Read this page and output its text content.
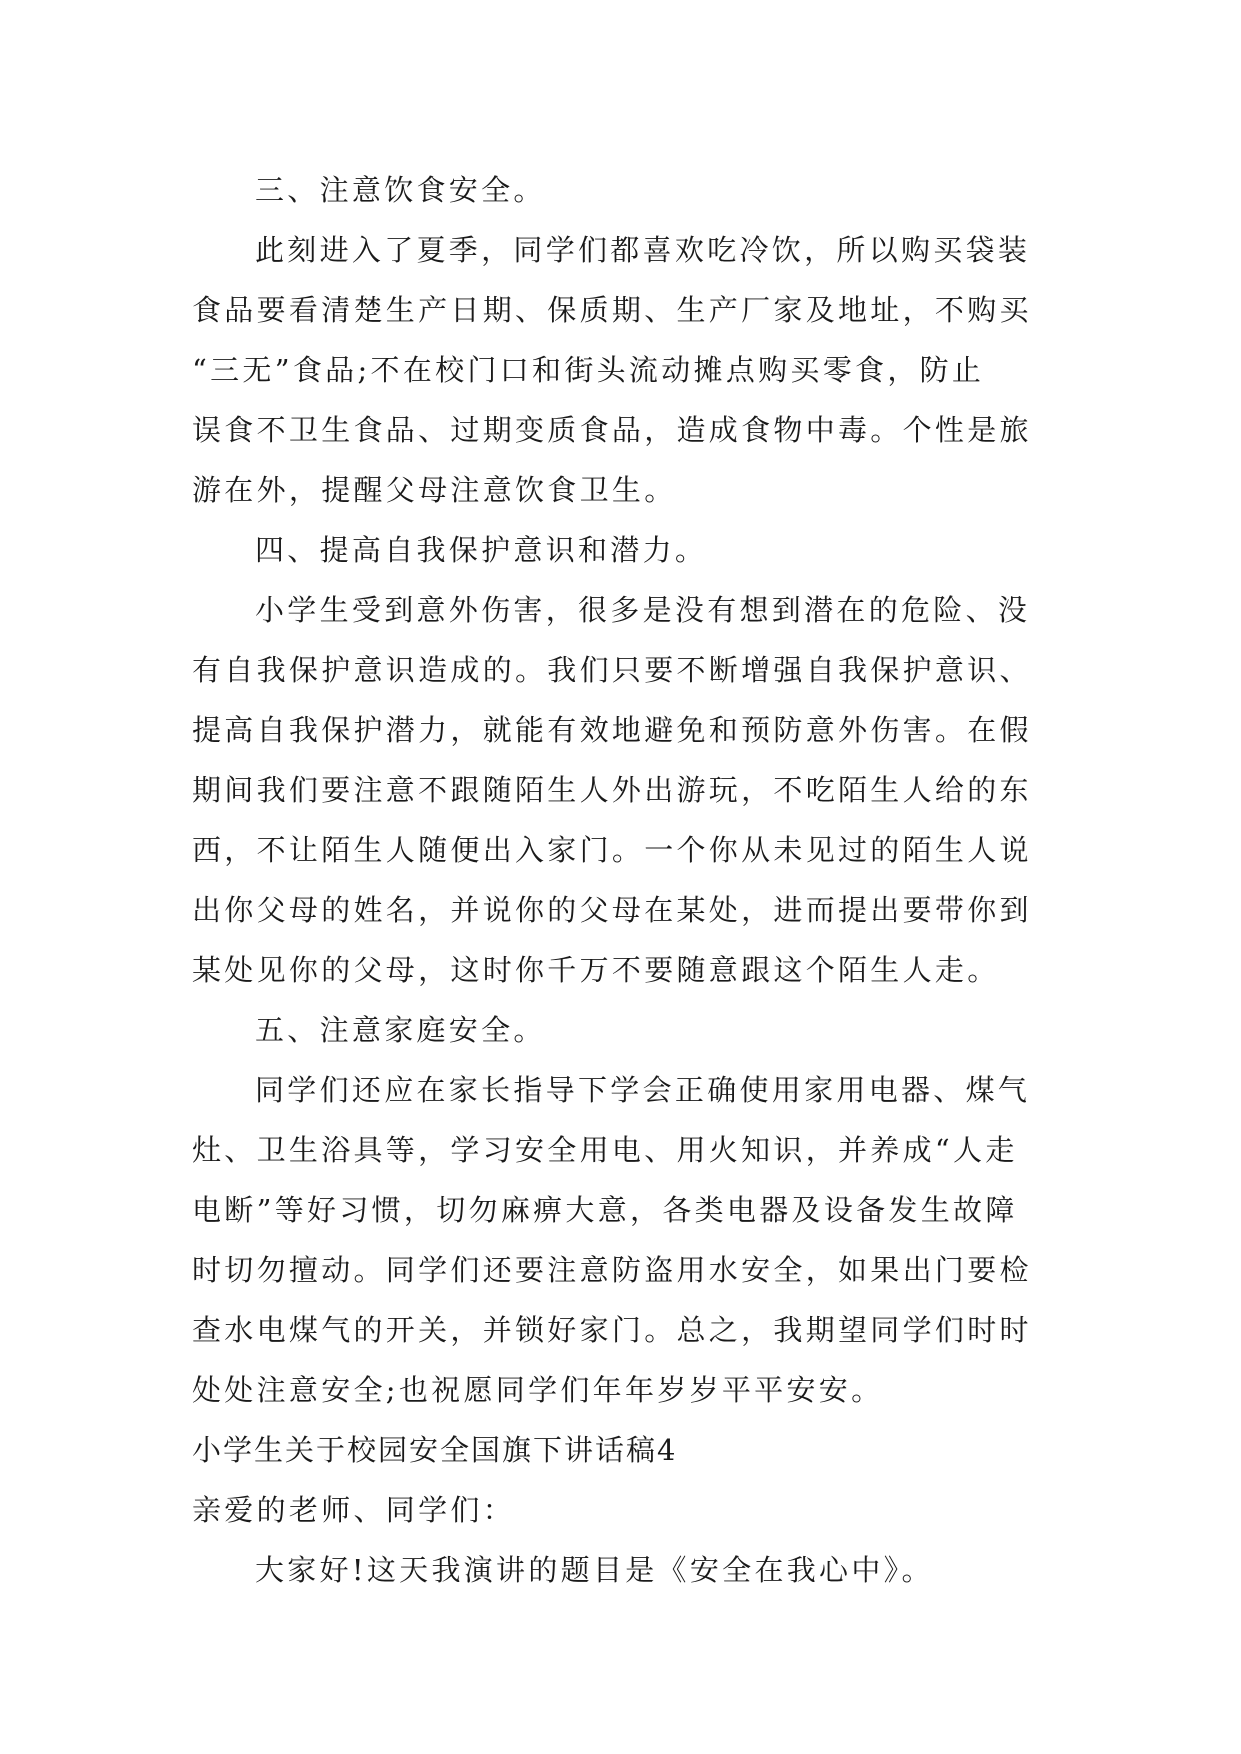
三、注意饮食安全。
此刻进入了夏季，同学们都喜欢吃冷饮，所以购买袋装
食品要看清楚生产日期、保质期、生产厂家及地址，不购买
“三无”食品;不在校门口和街头流动摊点购买零食，防止
误食不卫生食品、过期变质食品，造成食物中毒。个性是旅
游在外，提醒父母注意饮食卫生。
四、提高自我保护意识和潜力。
小学生受到意外伤害，很多是没有想到潜在的危险、没
有自我保护意识造成的。我们只要不断增强自我保护意识、
提高自我保护潜力，就能有效地避免和预防意外伤害。在假
期间我们要注意不跟随陌生人外出游玩，不吃陌生人给的东
西，不让陌生人随便出入家门。一个你从未见过的陌生人说
出你父母的姓名，并说你的父母在某处，进而提出要带你到
某处见你的父母，这时你千万不要随意跟这个陌生人走。
五、注意家庭安全。
同学们还应在家长指导下学会正确使用家用电器、煤气
灶、卫生浴具等，学习安全用电、用火知识，并养成“人走
电断”等好习惯，切勿麻痹大意，各类电器及设备发生故障
时切勿擅动。同学们还要注意防盗用水安全，如果出门要检
查水电煤气的开关，并锁好家门。总之，我期望同学们时时
处处注意安全;也祝愿同学们年年岁岁平平安安。
小学生关于校园安全国旗下讲话稿4
亲爱的老师、同学们：
大家好!这天我演讲的题目是《安全在我心中》。
